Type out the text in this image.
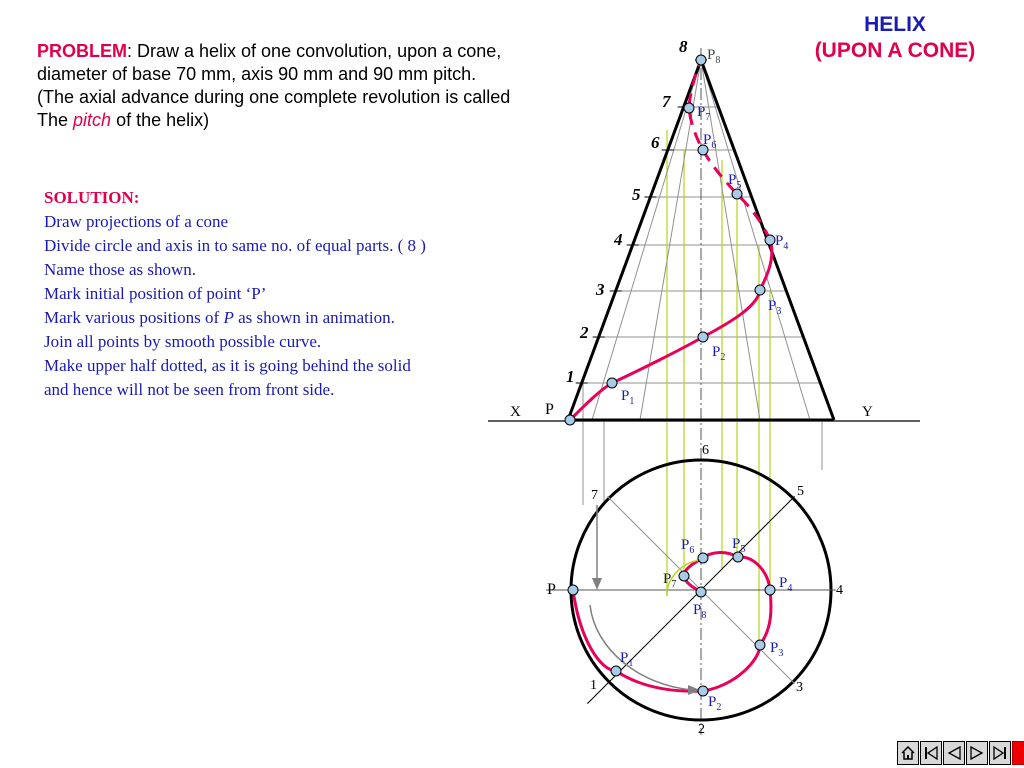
HELIX
(UPON A CONE)
PROBLEM: Draw a helix of one convolution, upon a cone,
diameter of base 70 mm, axis 90 mm and 90 mm pitch.
(The axial advance during one complete revolution is called
The pitch of the helix)
SOLUTION:
Draw projections of a cone
Divide circle and axis in to same no. of equal parts. ( 8 )
Name those as shown.
Mark initial position of point ‘P’
Mark various positions of P as shown in animation.
Join all points by smooth possible curve.
Make upper half dotted, as it is going behind the solid
and hence will not be seen from front side.
X	Y
1
2
3
4
5
6
7
8
P
$P_1$
$P_2$
$P_3$
$P_4$
$P_5$
$P_6$
$P_7$
$P_8$
1
2
3
4
5
6
7
P
$P_1$
$P_2$
$P_3$
$P_4$
$P_5$
$P_6$
$P_7$
$P_8$
